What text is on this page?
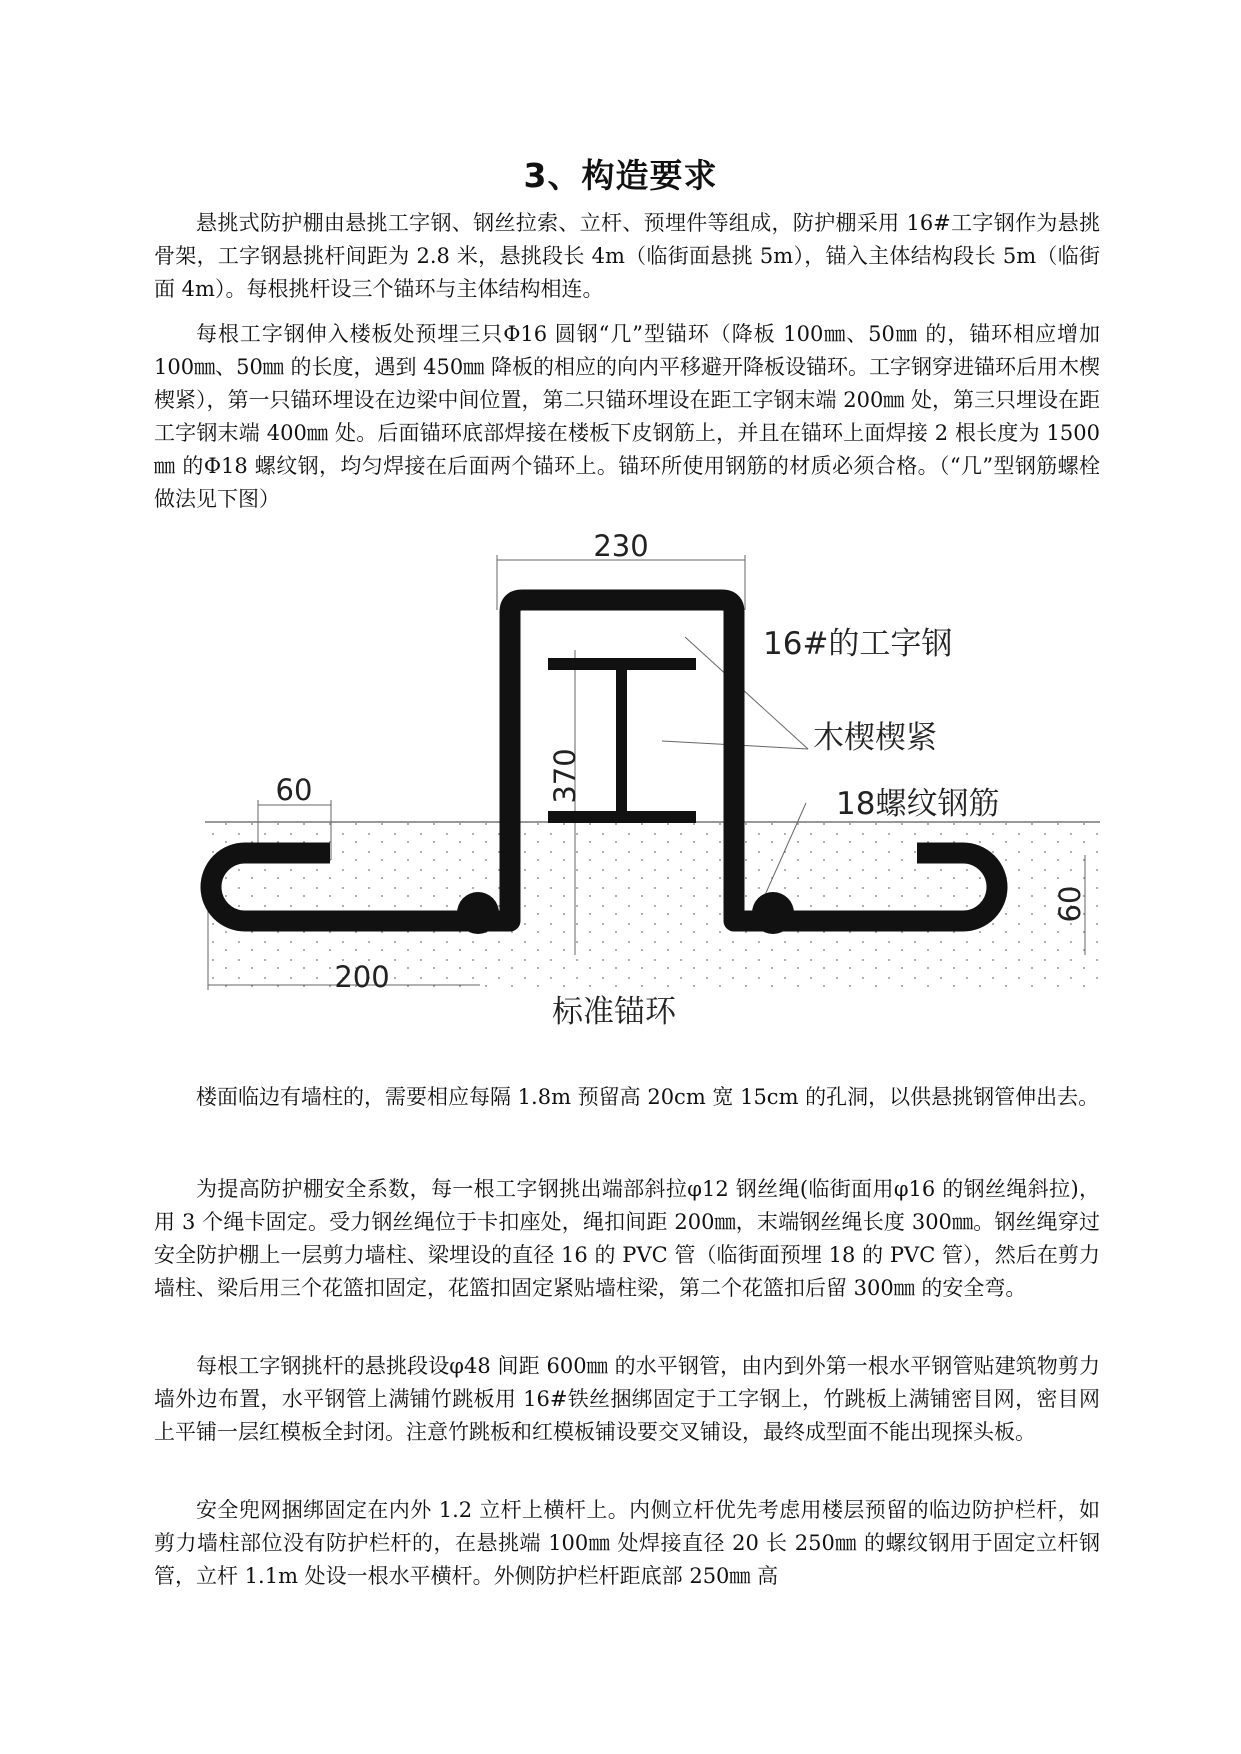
3、构造要求

悬挑式防护棚由悬挑工字钢、钢丝拉索、立杆、预埋件等组成，防护棚采用 16#工字钢作为悬挑骨架，工字钢悬挑杆间距为 2.8 米，悬挑段长 4m（临街面悬挑 5m），锚入主体结构段长 5m（临街面 4m）。每根挑杆设三个锚环与主体结构相连。

每根工字钢伸入楼板处预埋三只Φ16 圆钢“几”型锚环（降板 100㎜、50㎜ 的，锚环相应增加 100㎜、50㎜ 的长度，遇到 450㎜ 降板的相应的向内平移避开降板设锚环。工字钢穿进锚环后用木楔楔紧），第一只锚环埋设在边梁中间位置，第二只锚环埋设在距工字钢末端 200㎜ 处，第三只埋设在距工字钢末端 400㎜ 处。后面锚环底部焊接在楼板下皮钢筋上，并且在锚环上面焊接 2 根长度为 1500㎜ 的Φ18 螺纹钢，均匀焊接在后面两个锚环上。锚环所使用钢筋的材质必须合格。（“几”型钢筋螺栓做法见下图）

230
60	370
60
200
16#的工字钢
木楔楔紧
18螺纹钢筋
标准锚环

楼面临边有墙柱的，需要相应每隔 1.8m 预留高 20cm 宽 15cm 的孔洞，以供悬挑钢管伸出去。

为提高防护棚安全系数，每一根工字钢挑出端部斜拉φ12 钢丝绳(临街面用φ16 的钢丝绳斜拉)，用 3 个绳卡固定。受力钢丝绳位于卡扣座处，绳扣间距 200㎜，末端钢丝绳长度 300㎜。钢丝绳穿过安全防护棚上一层剪力墙柱、梁埋设的直径 16 的 PVC 管（临街面预埋 18 的 PVC 管），然后在剪力墙柱、梁后用三个花篮扣固定，花篮扣固定紧贴墙柱梁，第二个花篮扣后留 300㎜ 的安全弯。

每根工字钢挑杆的悬挑段设φ48 间距 600㎜ 的水平钢管，由内到外第一根水平钢管贴建筑物剪力墙外边布置，水平钢管上满铺竹跳板用 16#铁丝捆绑固定于工字钢上，竹跳板上满铺密目网，密目网上平铺一层红模板全封闭。注意竹跳板和红模板铺设要交叉铺设，最终成型面不能出现探头板。

安全兜网捆绑固定在内外 1.2 立杆上横杆上。内侧立杆优先考虑用楼层预留的临边防护栏杆，如剪力墙柱部位没有防护栏杆的，在悬挑端 100㎜ 处焊接直径 20 长 250㎜ 的螺纹钢用于固定立杆钢管，立杆 1.1m 处设一根水平横杆。外侧防护栏杆距底部 250㎜ 高
